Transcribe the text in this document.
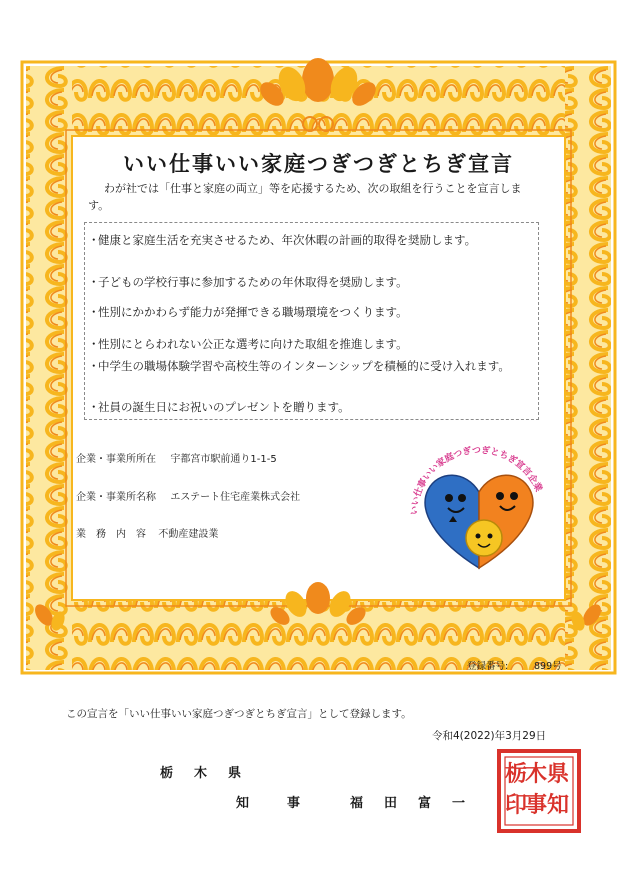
いい仕事いい家庭つぎつぎとちぎ宣言
わが社では「仕事と家庭の両立」等を応援するため、次の取組を行うことを宣言します。
・
健康と家庭生活を充実させるため、年次休暇の計画的取得を奨励します。
・
子どもの学校行事に参加するための年休取得を奨励します。
・
性別にかかわらず能力が発揮できる職場環境をつくります。
・
性別にとらわれない公正な選考に向けた取組を推進します。
・
中学生の職場体験学習や高校生等のインターンシップを積極的に受け入れます。
・
社員の誕生日にお祝いのプレゼントを贈ります。
企業・事業所所在 宇都宮市駅前通り1-1-5
企業・事業所名称 エステート住宅産業株式会社
業　務　内　容 不動産建設業
いい仕事いい家庭つぎつぎとちぎ宣言企業
登録番号:	899号
この宣言を「いい仕事いい家庭つぎつぎとちぎ宣言」として登録します。
令和4(2022)年3月29日
栃　木　県
知　　事	福　田　富　一
県
知
木
事
栃
印
